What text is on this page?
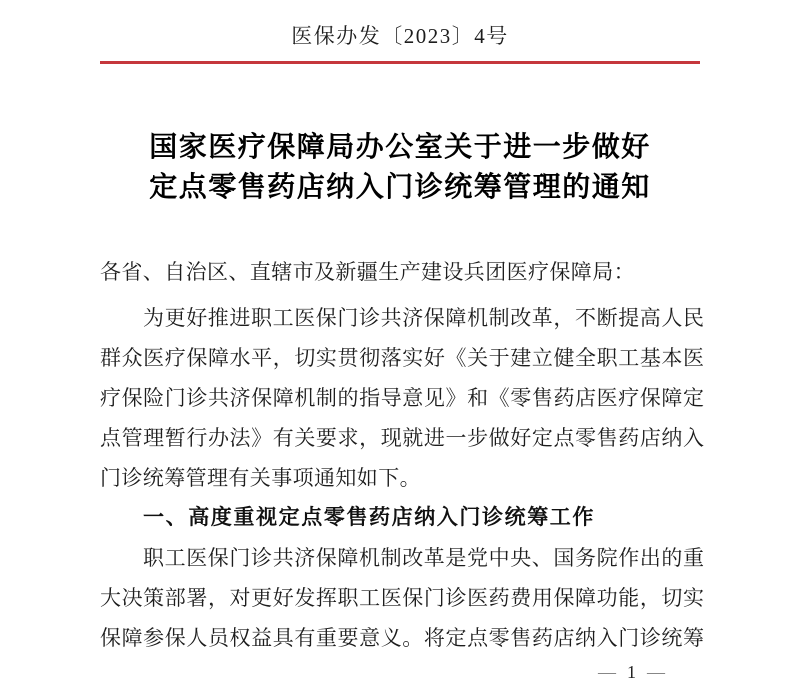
医保办发〔2023〕4号
国家医疗保障局办公室关于进一步做好
定点零售药店纳入门诊统筹管理的通知
各省、自治区、直辖市及新疆生产建设兵团医疗保障局：
为更好推进职工医保门诊共济保障机制改革，不断提高人民
群众医疗保障水平，切实贯彻落实好《关于建立健全职工基本医
疗保险门诊共济保障机制的指导意见》和《零售药店医疗保障定
点管理暂行办法》有关要求，现就进一步做好定点零售药店纳入
门诊统筹管理有关事项通知如下。
一、高度重视定点零售药店纳入门诊统筹工作
职工医保门诊共济保障机制改革是党中央、国务院作出的重
大决策部署，对更好发挥职工医保门诊医药费用保障功能，切实
保障参保人员权益具有重要意义。将定点零售药店纳入门诊统筹
— 1 —
